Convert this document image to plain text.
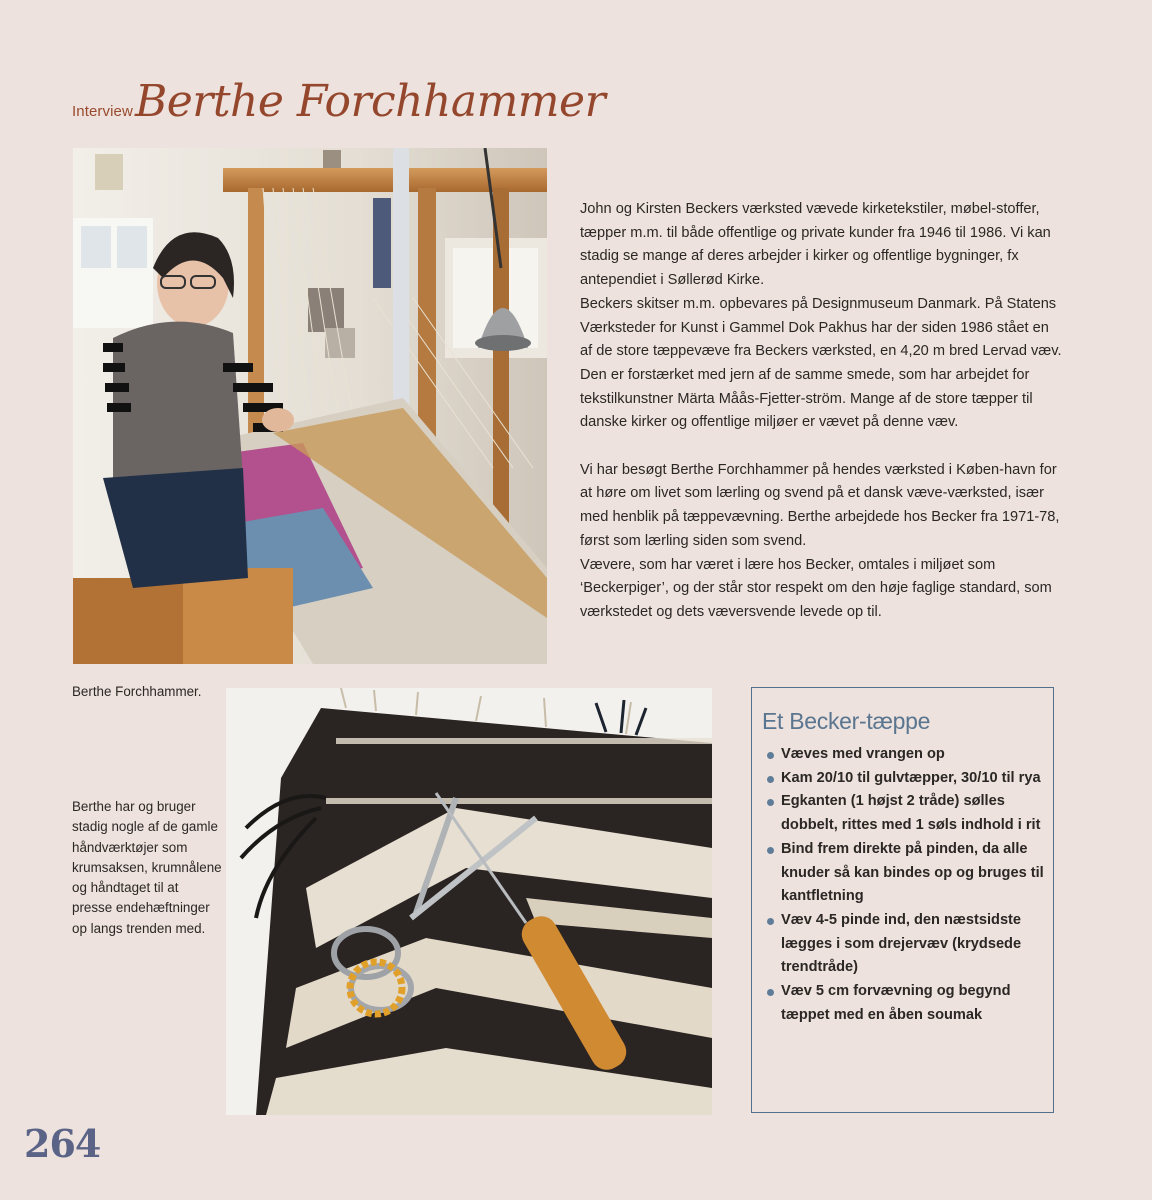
InterviewBerthe Forchhammer

John og Kirsten Beckers værksted vævede kirketekstiler, møbel-stoffer, tæpper m.m. til både offentlige og private kunder fra 1946 til 1986. Vi kan stadig se mange af deres arbejder i kirker og offentlige bygninger, fx antependiet i Søllerød Kirke.
Beckers skitser m.m. opbevares på Designmuseum Danmark. På Statens Værksteder for Kunst i Gammel Dok Pakhus har der siden 1986 stået en af de store tæppevæve fra Beckers værksted, en 4,20 m bred Lervad væv. Den er forstærket med jern af de samme smede, som har arbejdet for tekstilkunstner Märta Måås-Fjetter-ström. Mange af de store tæpper til danske kirker og offentlige miljøer er vævet på denne væv.

Vi har besøgt Berthe Forchhammer på hendes værksted i Køben-havn for at høre om livet som lærling og svend på et dansk væve-værksted, især med henblik på tæppevævning. Berthe arbejdede hos Becker fra 1971-78, først som lærling siden som svend.
Vævere, som har været i lære hos Becker, omtales i miljøet som ‘Beckerpiger’, og der står stor respekt om den høje faglige standard, som værkstedet og dets væversvende levede op til.

Berthe Forchhammer.
Berthe har og bruger stadig nogle af de gamle håndværktøjer som krumsaksen, krumnålene og håndtaget til at presse endehæftninger op langs trenden med.
Et Becker-tæppe
Væves med vrangen op
Kam 20/10 til gulvtæpper, 30/10 til rya
Egkanten (1 højst 2 tråde) sølles dobbelt, rittes med 1 søls indhold i rit
Bind frem direkte på pinden, da alle knuder så kan bindes op og bruges til kantfletning
Væv 4-5 pinde ind, den næstsidste lægges i som drejervæv (krydsede trendtråde)
Væv 5 cm forvævning og begynd tæppet med en åben soumak
264
